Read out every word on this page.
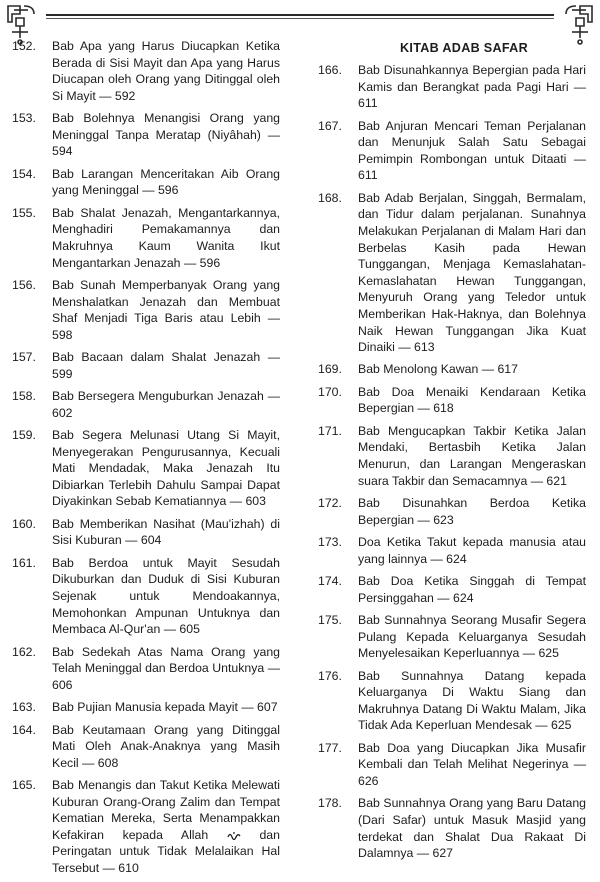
152. Bab Apa yang Harus Diucapkan Ketika Berada di Sisi Mayit dan Apa yang Harus Diucapan oleh Orang yang Ditinggal oleh Si Mayit — 592
153. Bab Bolehnya Menangisi Orang yang Meninggal Tanpa Meratap (Niyâhah) — 594
154. Bab Larangan Menceritakan Aib Orang yang Meninggal — 596
155. Bab Shalat Jenazah, Mengantarkannya, Menghadiri Pemakamannya dan Makruhnya Kaum Wanita Ikut Mengantarkan Jenazah — 596
156. Bab Sunah Memperbanyak Orang yang Menshalatkan Jenazah dan Membuat Shaf Menjadi Tiga Baris atau Lebih — 598
157. Bab Bacaan dalam Shalat Jenazah — 599
158. Bab Bersegera Menguburkan Jenazah — 602
159. Bab Segera Melunasi Utang Si Mayit, Menyegerakan Pengurusannya, Kecuali Mati Mendadak, Maka Jenazah Itu Dibiarkan Terlebih Dahulu Sampai Dapat Diyakinkan Sebab Kematiannya — 603
160. Bab Memberikan Nasihat (Mau'izhah) di Sisi Kuburan — 604
161. Bab Berdoa untuk Mayit Sesudah Dikuburkan dan Duduk di Sisi Kuburan Sejenak untuk Mendoakannya, Memohonkan Ampunan Untuknya dan Membaca Al-Qur'an — 605
162. Bab Sedekah Atas Nama Orang yang Telah Meninggal dan Berdoa Untuknya — 606
163. Bab Pujian Manusia kepada Mayit — 607
164. Bab Keutamaan Orang yang Ditinggal Mati Oleh Anak-Anaknya yang Masih Kecil — 608
165. Bab Menangis dan Takut Ketika Melewati Kuburan Orang-Orang Zalim dan Tempat Kematian Mereka, Serta Menampakkan Kefakiran kepada Allah	dan Peringatan untuk Tidak Melalaikan Hal Tersebut — 610
KITAB ADAB SAFAR
166. Bab Disunahkannya Bepergian pada Hari Kamis dan Berangkat pada Pagi Hari — 611
167. Bab Anjuran Mencari Teman Perjalanan dan Menunjuk Salah Satu Sebagai Pemimpin Rombongan untuk Ditaati — 611
168. Bab Adab Berjalan, Singgah, Bermalam, dan Tidur dalam perjalanan. Sunahnya Melakukan Perjalanan di Malam Hari dan Berbelas Kasih pada Hewan Tunggangan, Menjaga Kemaslahatan-Kemaslahatan Hewan Tunggangan, Menyuruh Orang yang Teledor untuk Memberikan Hak-Haknya, dan Bolehnya Naik Hewan Tunggangan Jika Kuat Dinaiki — 613
169. Bab Menolong Kawan — 617
170. Bab Doa Menaiki Kendaraan Ketika Bepergian — 618
171. Bab Mengucapkan Takbir Ketika Jalan Mendaki, Bertasbih Ketika Jalan Menurun, dan Larangan Mengeraskan suara Takbir dan Semacamnya — 621
172. Bab Disunahkan Berdoa Ketika Bepergian — 623
173. Doa Ketika Takut kepada manusia atau yang lainnya — 624
174. Bab Doa Ketika Singgah di Tempat Persinggahan — 624
175. Bab Sunnahnya Seorang Musafir Segera Pulang Kepada Keluarganya Sesudah Menyelesaikan Keperluannya — 625
176. Bab Sunnahnya Datang kepada Keluarganya Di Waktu Siang dan Makruhnya Datang Di Waktu Malam, Jika Tidak Ada Keperluan Mendesak — 625
177. Bab Doa yang Diucapkan Jika Musafir Kembali dan Telah Melihat Negerinya — 626
178. Bab Sunnahnya Orang yang Baru Datang (Dari Safar) untuk Masuk Masjid yang terdekat dan Shalat Dua Rakaat Di Dalamnya — 627
